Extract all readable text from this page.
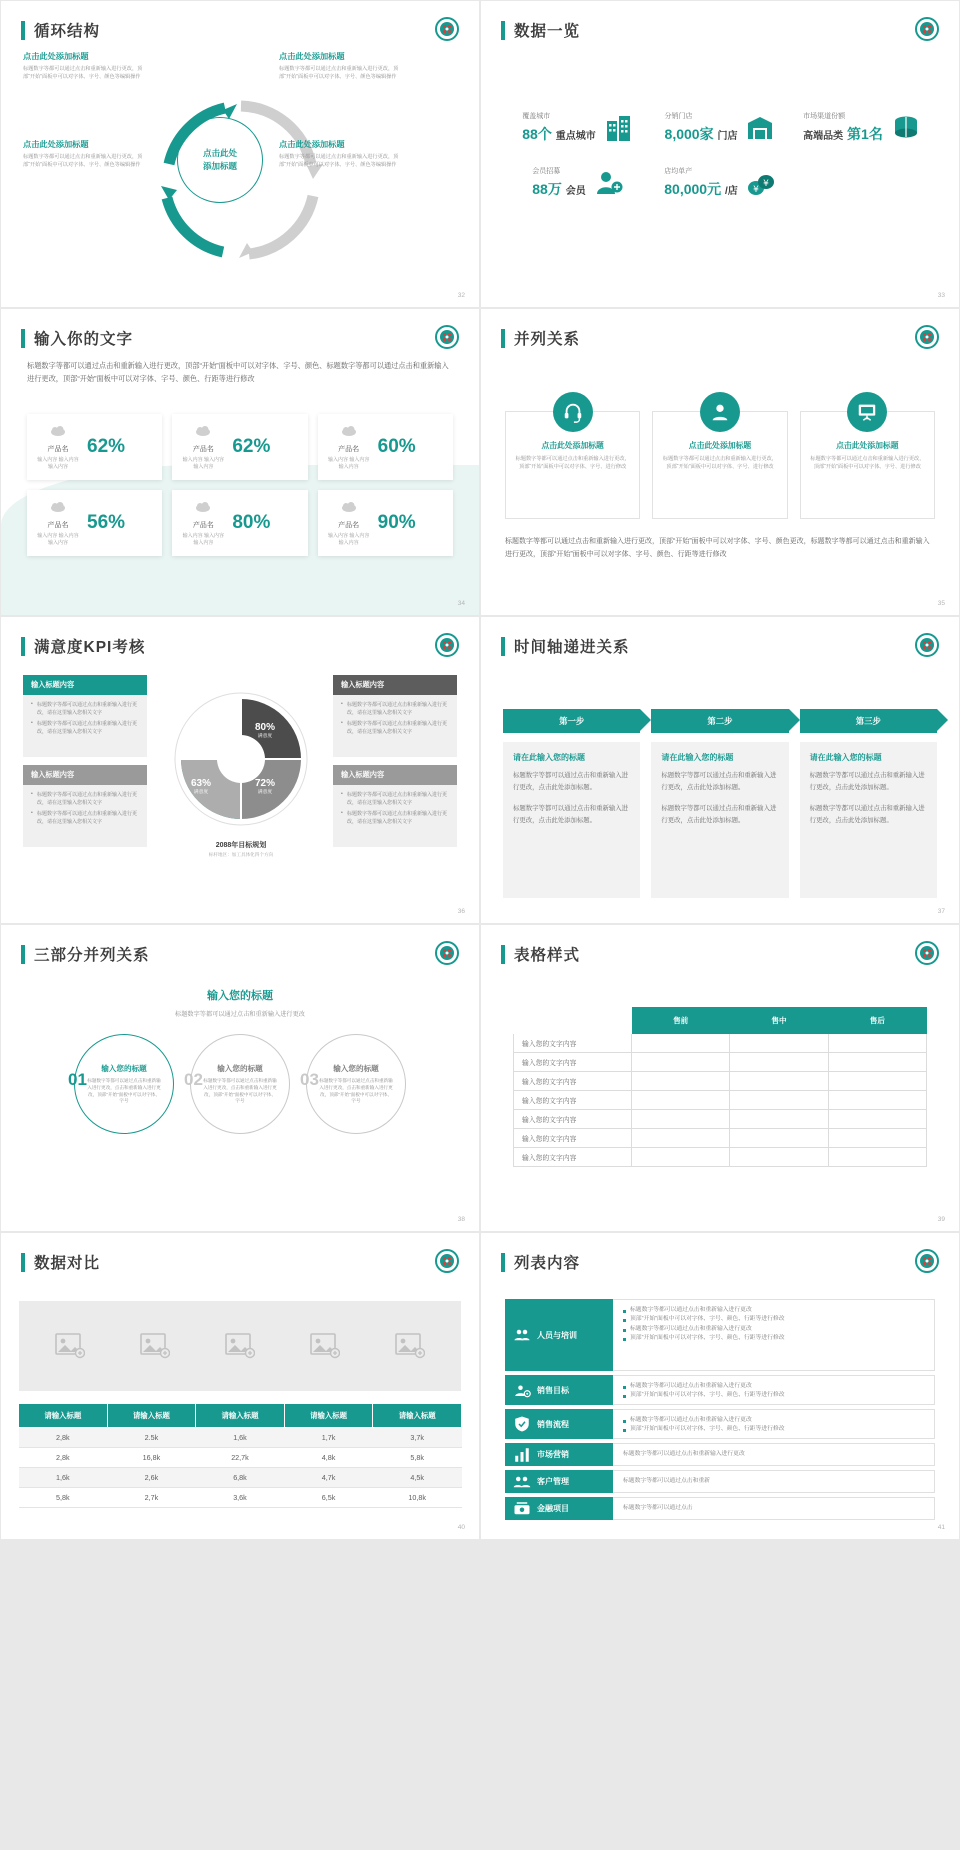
循环结构
点击此处
添加标题
点击此处添加标题
标题数字等都可以通过点击和重新输入进行更改，顶部“开始”面板中可以对字体、字号、颜色等编辑操作
点击此处添加标题
标题数字等都可以通过点击和重新输入进行更改，顶部“开始”面板中可以对字体、字号、颜色等编辑操作
点击此处添加标题
标题数字等都可以通过点击和重新输入进行更改，顶部“开始”面板中可以对字体、字号、颜色等编辑操作
点击此处添加标题
标题数字等都可以通过点击和重新输入进行更改，顶部“开始”面板中可以对字体、字号、颜色等编辑操作
32
数据一览
覆盖城市
88个 重点城市
分销门店
8,000家 门店
市场渠道份额
高端品类 第1名
会员招募
88万 会员
店均单产
80,000元 /店
¥
¥
33
输入你的文字
标题数字等都可以通过点击和重新输入进行更改，顶部“开始”面板中可以对字体、字号、颜色、标题数字等都可以通过点击和重新输入进行更改，顶部“开始”面板中可以对字体、字号、颜色、行距等进行修改
产品名
输入内容 输入内容 输入内容
62%	产品名
输入内容 输入内容 输入内容
62%	产品名
输入内容 输入内容 输入内容
60%
产品名
输入内容 输入内容 输入内容
56%	产品名
输入内容 输入内容 输入内容
80%	产品名
输入内容 输入内容 输入内容
90%
34
并列关系
点击此处添加标题
标题数字等都可以通过点击和重新输入进行更改，顶部“开始”面板中可以对字体、字号、进行修改
点击此处添加标题
标题数字等都可以通过点击和重新输入进行更改，顶部“开始”面板中可以对字体、字号、进行修改
点击此处添加标题
标题数字等都可以通过点击和重新输入进行更改，顶部“开始”面板中可以对字体、字号、进行修改
标题数字等都可以通过点击和重新输入进行更改，顶部“开始”面板中可以对字体、字号、颜色更改，标题数字等都可以通过点击和重新输入进行更改，顶部“开始”面板中可以对字体、字号、颜色、行距等进行修改
35
满意度KPI考核
输入标题内容
• 标题数字等都可以通过点击和重新输入进行更改，请在这里输入您相关文字
• 标题数字等都可以通过点击和重新输入进行更改，请在这里输入您相关文字
输入标题内容
• 标题数字等都可以通过点击和重新输入进行更改，请在这里输入您相关文字
• 标题数字等都可以通过点击和重新输入进行更改，请在这里输入您相关文字
输入标题内容
• 标题数字等都可以通过点击和重新输入进行更改，请在这里输入您相关文字
• 标题数字等都可以通过点击和重新输入进行更改，请在这里输入您相关文字
输入标题内容
• 标题数字等都可以通过点击和重新输入进行更改，请在这里输入您相关文字
• 标题数字等都可以通过点击和重新输入进行更改，请在这里输入您相关文字
90%
满意度
80%
满意度
63%
满意度
72%
满意度
2088年目标规划
标杆地区：加工具体化四个方向
36
时间轴递进关系
第一步
请在此输入您的标题
标题数字等都可以通过点击和重新输入进行更改，点击此处添加标题。
标题数字等都可以通过点击和重新输入进行更改，点击此处添加标题。
第二步
请在此输入您的标题
标题数字等都可以通过点击和重新输入进行更改，点击此处添加标题。
标题数字等都可以通过点击和重新输入进行更改，点击此处添加标题。
第三步
请在此输入您的标题
标题数字等都可以通过点击和重新输入进行更改，点击此处添加标题。
标题数字等都可以通过点击和重新输入进行更改，点击此处添加标题。
37
三部分并列关系
输入您的标题
标题数字等都可以通过点击和重新输入进行更改
01
输入您的标题
标题数字等都可以通过点击和重新输入进行更改，点击和重新输入进行更改，顶部“开始”面板中可以对字体、字号
02
输入您的标题
标题数字等都可以通过点击和重新输入进行更改，点击和重新输入进行更改，顶部“开始”面板中可以对字体、字号
03
输入您的标题
标题数字等都可以通过点击和重新输入进行更改，点击和重新输入进行更改，顶部“开始”面板中可以对字体、字号
38
表格样式
	售前	售中	售后
输入您的文字内容			
输入您的文字内容			
输入您的文字内容			
输入您的文字内容			
输入您的文字内容			
输入您的文字内容			
输入您的文字内容			
39
数据对比
请输入标题	请输入标题	请输入标题	请输入标题	请输入标题
2,8k	2.5k	1,6k	1,7k	3,7k
2,8k	16,8k	22,7k	4,8k	5,8k
1,6k	2,6k	6,8k	4,7k	4,5k
5,8k	2,7k	3,6k	6,5k	10,8k
40
列表内容
人员与培训
标题数字等都可以通过点击和重新输入进行更改
顶部“开始”面板中可以对字体、字号、颜色、行距等进行修改
标题数字等都可以通过点击和重新输入进行更改
顶部“开始”面板中可以对字体、字号、颜色、行距等进行修改
销售目标	标题数字等都可以通过点击和重新输入进行更改
顶部“开始”面板中可以对字体、字号、颜色、行距等进行修改
销售流程	标题数字等都可以通过点击和重新输入进行更改
顶部“开始”面板中可以对字体、字号、颜色、行距等进行修改
市场营销	标题数字等都可以通过点击和重新输入进行更改
客户管理	标题数字等都可以通过点击和重新
金融项目	标题数字等都可以通过点击
41
